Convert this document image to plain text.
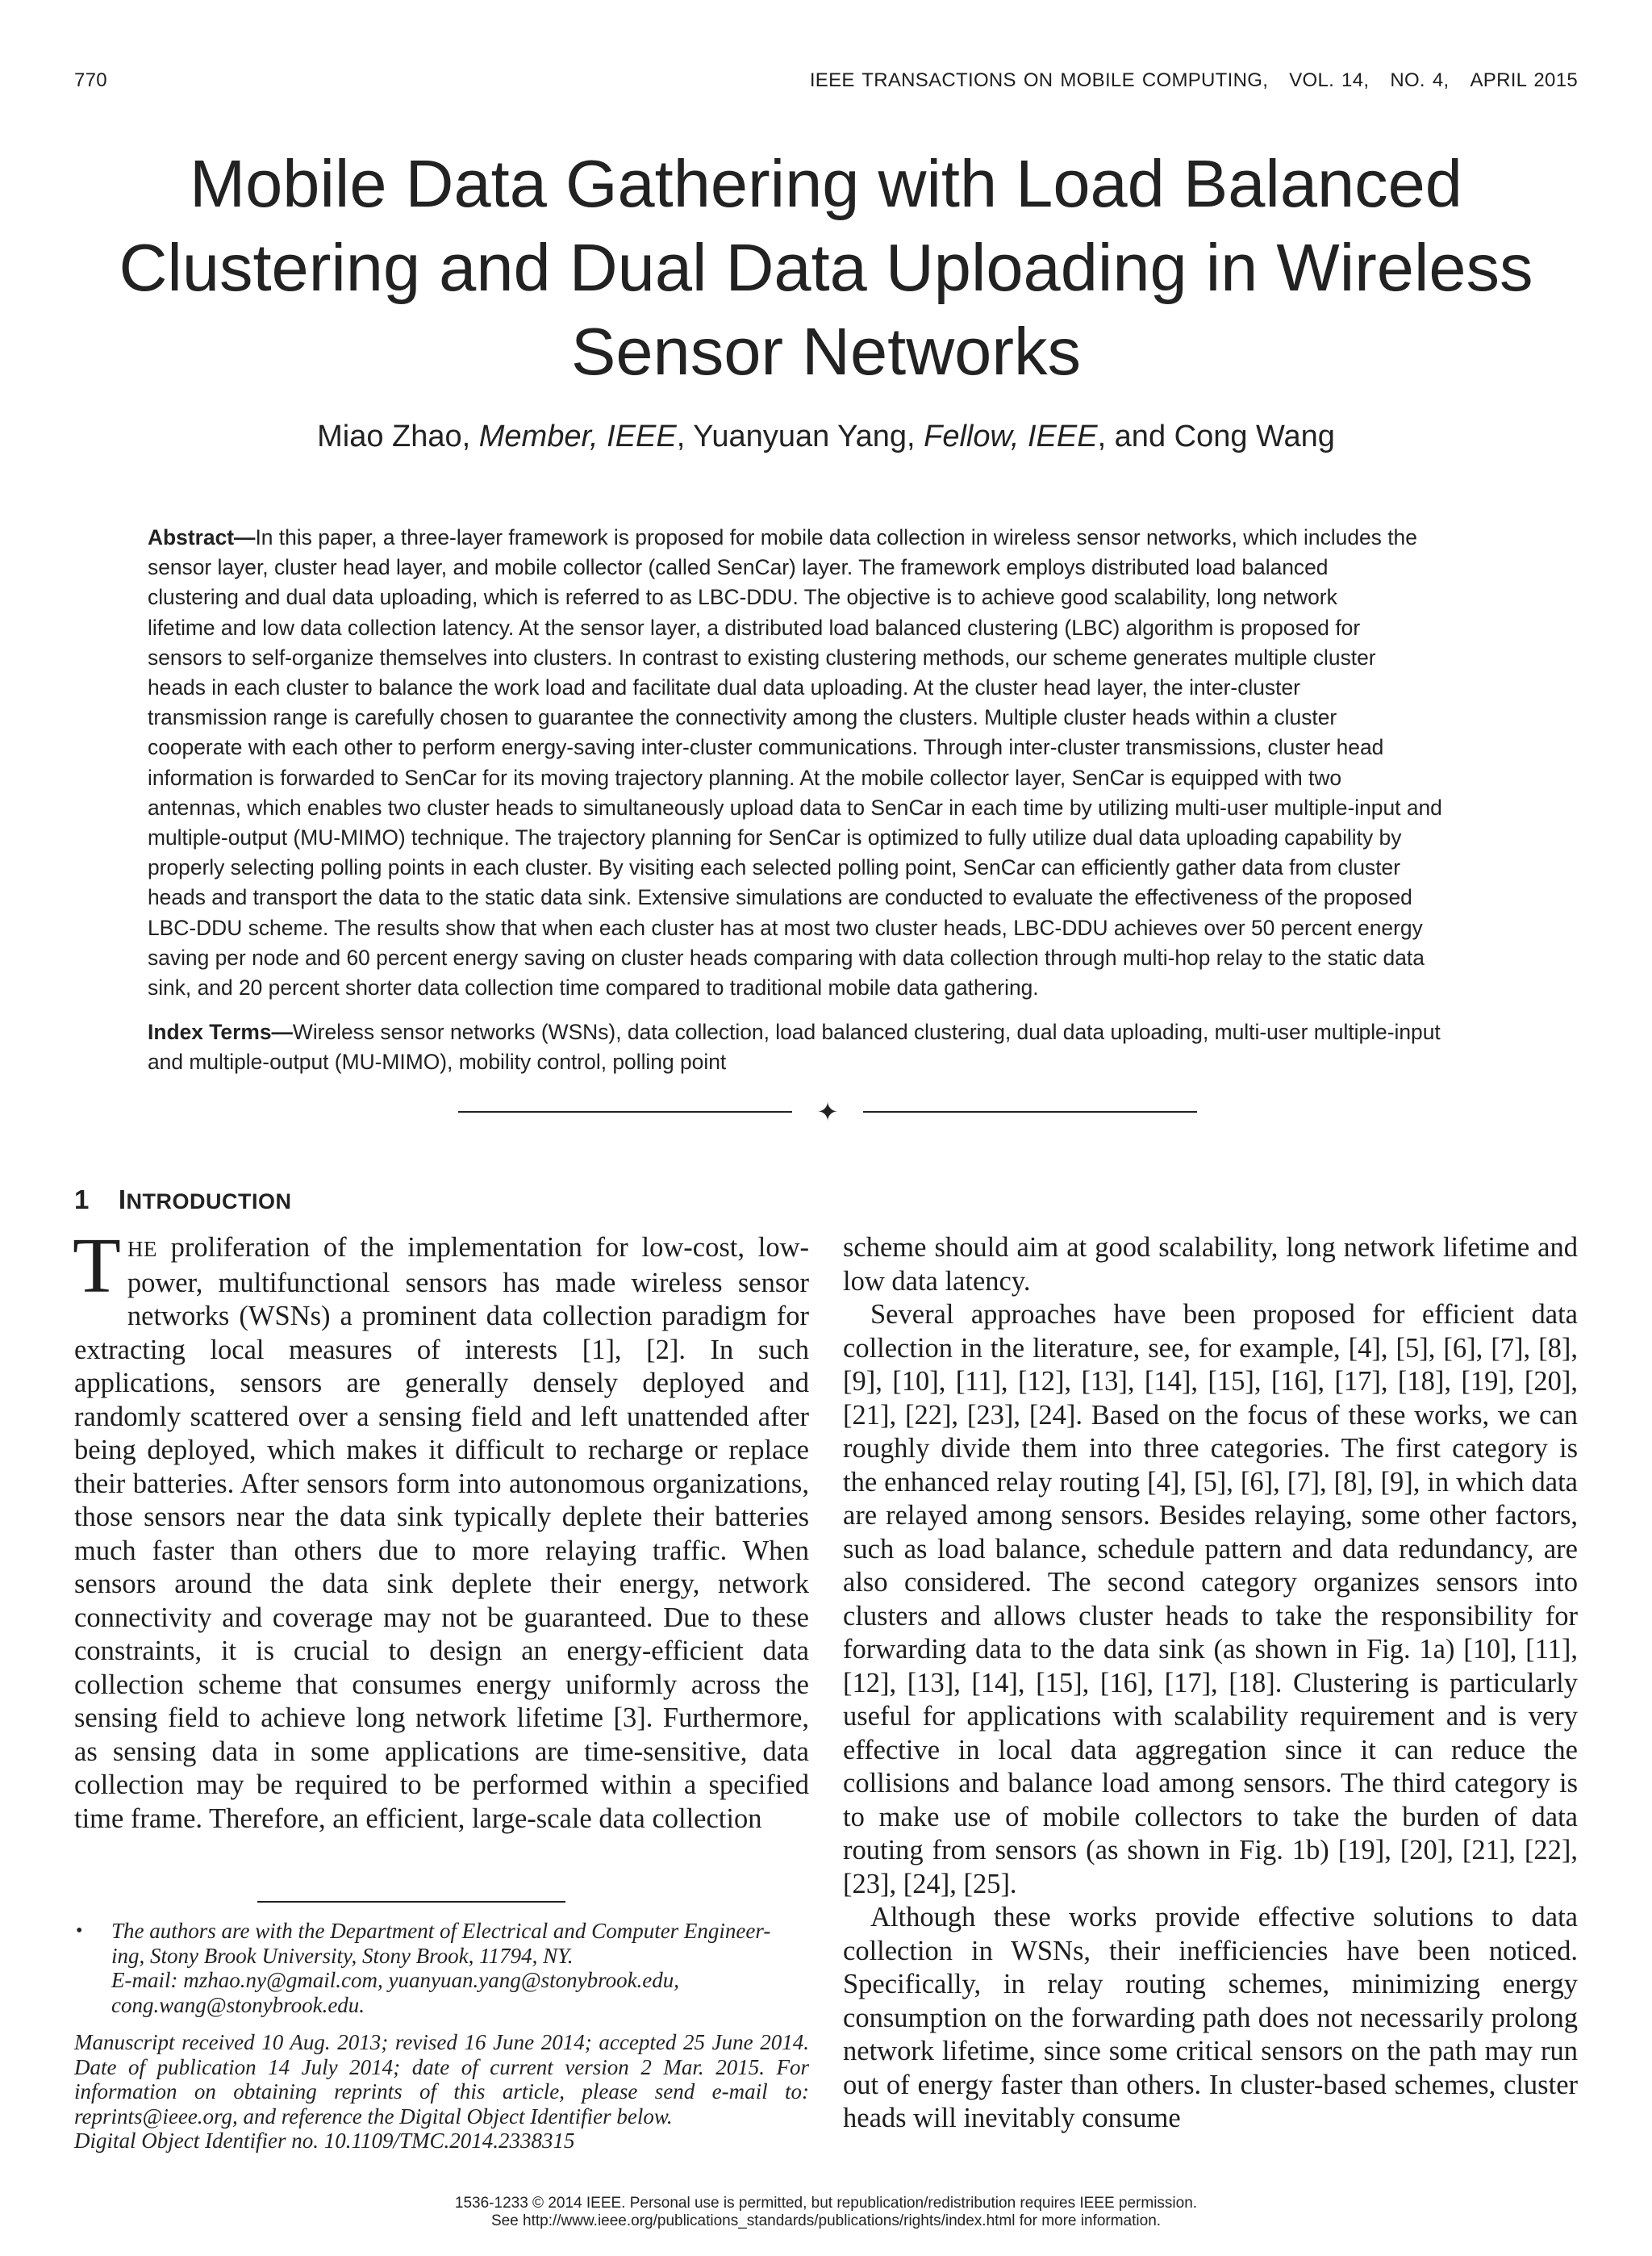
770	IEEE TRANSACTIONS ON MOBILE COMPUTING, VOL. 14, NO. 4, APRIL 2015
Mobile Data Gathering with Load Balanced
Clustering and Dual Data Uploading in Wireless
Sensor Networks
Miao Zhao, Member, IEEE, Yuanyuan Yang, Fellow, IEEE, and Cong Wang
Abstract—In this paper, a three-layer framework is proposed for mobile data collection in wireless sensor networks, which includes the
sensor layer, cluster head layer, and mobile collector (called SenCar) layer. The framework employs distributed load balanced
clustering and dual data uploading, which is referred to as LBC-DDU. The objective is to achieve good scalability, long network
lifetime and low data collection latency. At the sensor layer, a distributed load balanced clustering (LBC) algorithm is proposed for
sensors to self-organize themselves into clusters. In contrast to existing clustering methods, our scheme generates multiple cluster
heads in each cluster to balance the work load and facilitate dual data uploading. At the cluster head layer, the inter-cluster
transmission range is carefully chosen to guarantee the connectivity among the clusters. Multiple cluster heads within a cluster
cooperate with each other to perform energy-saving inter-cluster communications. Through inter-cluster transmissions, cluster head
information is forwarded to SenCar for its moving trajectory planning. At the mobile collector layer, SenCar is equipped with two
antennas, which enables two cluster heads to simultaneously upload data to SenCar in each time by utilizing multi-user multiple-input and
multiple-output (MU-MIMO) technique. The trajectory planning for SenCar is optimized to fully utilize dual data uploading capability by
properly selecting polling points in each cluster. By visiting each selected polling point, SenCar can efficiently gather data from cluster
heads and transport the data to the static data sink. Extensive simulations are conducted to evaluate the effectiveness of the proposed
LBC-DDU scheme. The results show that when each cluster has at most two cluster heads, LBC-DDU achieves over 50 percent energy
saving per node and 60 percent energy saving on cluster heads comparing with data collection through multi-hop relay to the static data
sink, and 20 percent shorter data collection time compared to traditional mobile data gathering.
Index Terms—Wireless sensor networks (WSNs), data collection, load balanced clustering, dual data uploading, multi-user multiple-input
and multiple-output (MU-MIMO), mobility control, polling point
✦
1 INTRODUCTION

THE proliferation of the implementation for low-cost, low-power, multifunctional sensors has made wireless sensor networks (WSNs) a prominent data collection paradigm for extracting local measures of interests [1], [2]. In such applications, sensors are generally densely deployed and randomly scattered over a sensing field and left unattended after being deployed, which makes it difficult to recharge or replace their batteries. After sensors form into autonomous organizations, those sensors near the data sink typically deplete their batteries much faster than others due to more relaying traffic. When sensors around the data sink deplete their energy, network connectivity and coverage may not be guaranteed. Due to these constraints, it is crucial to design an energy-efficient data collection scheme that consumes energy uniformly across the sensing field to achieve long network lifetime [3]. Furthermore, as sensing data in some applications are time-sensitive, data collection may be required to be performed within a specified time frame. Therefore, an efficient, large-scale data collection

• The authors are with the Department of Electrical and Computer Engineer-
ing, Stony Brook University, Stony Brook, 11794, NY.
E-mail: mzhao.ny@gmail.com, yuanyuan.yang@stonybrook.edu,
cong.wang@stonybrook.edu.

Manuscript received 10 Aug. 2013; revised 16 June 2014; accepted 25 June 2014. Date of publication 14 July 2014; date of current version 2 Mar. 2015. For information on obtaining reprints of this article, please send e-mail to: reprints@ieee.org, and reference the Digital Object Identifier below.

Digital Object Identifier no. 10.1109/TMC.2014.2338315

scheme should aim at good scalability, long network lifetime and low data latency.

Several approaches have been proposed for efficient data collection in the literature, see, for example, [4], [5], [6], [7], [8], [9], [10], [11], [12], [13], [14], [15], [16], [17], [18], [19], [20], [21], [22], [23], [24]. Based on the focus of these works, we can roughly divide them into three categories. The first category is the enhanced relay routing [4], [5], [6], [7], [8], [9], in which data are relayed among sensors. Besides relaying, some other factors, such as load balance, schedule pattern and data redundancy, are also considered. The second category organizes sensors into clusters and allows cluster heads to take the responsibility for forwarding data to the data sink (as shown in Fig. 1a) [10], [11], [12], [13], [14], [15], [16], [17], [18]. Clustering is particularly useful for applications with scalability requirement and is very effective in local data aggregation since it can reduce the collisions and balance load among sensors. The third category is to make use of mobile collectors to take the burden of data routing from sensors (as shown in Fig. 1b) [19], [20], [21], [22], [23], [24], [25].

Although these works provide effective solutions to data collection in WSNs, their inefficiencies have been noticed. Specifically, in relay routing schemes, minimizing energy consumption on the forwarding path does not necessarily prolong network lifetime, since some critical sensors on the path may run out of energy faster than others. In cluster-based schemes, cluster heads will inevitably consume

1536-1233 © 2014 IEEE. Personal use is permitted, but republication/redistribution requires IEEE permission.
See http://www.ieee.org/publications_standards/publications/rights/index.html for more information.
